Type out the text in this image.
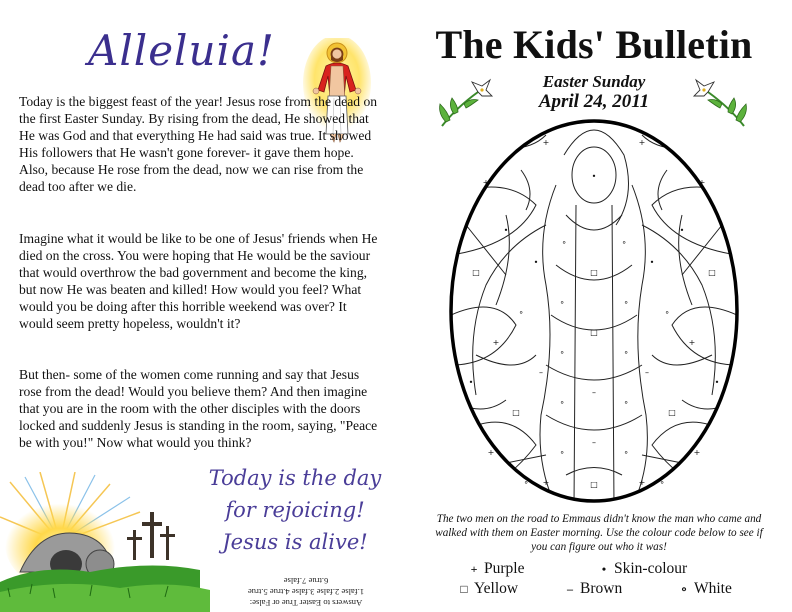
Alleluia!

Today is the biggest feast of the year! Jesus rose from the dead on the first Easter Sunday. By rising from the dead, He showed that He was God and that everything He had said was true. It showed His followers that He wasn't gone forever- it gave them hope. Also, because He rose from the dead, now we can rise from the dead too after we die.

Imagine what it would be like to be one of Jesus' friends when He died on the cross. You were hoping that He would be the saviour that would overthrow the bad government and become the king, but now He was beaten and killed! How would you feel? What would you be doing after this horrible weekend was over? It would seem pretty hopeless, wouldn't it?

But then- some of the women come running and say that Jesus rose from the dead! Would you believe them? And then imagine that you are in the room with the other disciples with the doors locked and suddenly Jesus is standing in the room, saying, "Peace be with you!" Now what would you think?

Today is the day
for rejoicing!
Jesus is alive!
Answers to Easter True or False:
1.false 2.false 3.false 4.true 5.true
6.true 7.false
The Kids' Bulletin
Easter Sunday
April 24, 2011
+
•
□
∘
+
•
□
+
∘
+
•
□
∘
+
•
□
+
∘
•
∘	∘
□
∘	∘
□
∘	∘
–
∘	∘
–
∘	∘
□
+	+
•	•
–	–
+	+
The two men on the road to Emmaus didn't know the man who came and walked with them on Easter morning. Use the colour code below to see if you can figure out who it was!
+ Purple	• Skin-colour
□ Yellow	– Brown	∘ White
